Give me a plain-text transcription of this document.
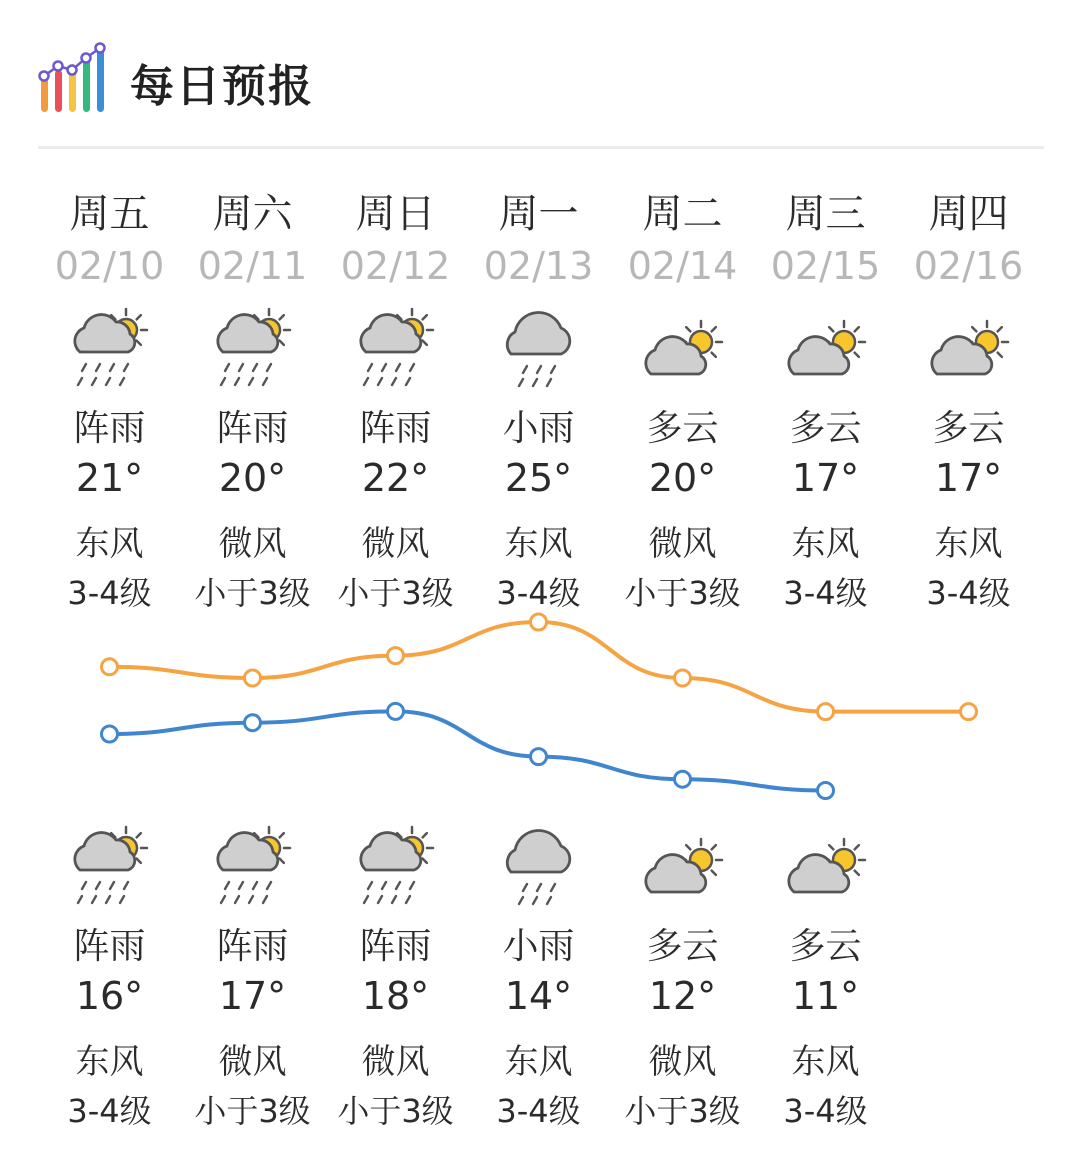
每日预报
周五
02/10
阵雨
21°
东风
3-4级
阵雨
16°
东风
3-4级
周六
02/11
阵雨
20°
微风
小于3级
阵雨
17°
微风
小于3级
周日
02/12
阵雨
22°
微风
小于3级
阵雨
18°
微风
小于3级
周一
02/13
小雨
25°
东风
3-4级
小雨
14°
东风
3-4级
周二
02/14
多云
20°
微风
小于3级
多云
12°
微风
小于3级
周三
02/15
多云
17°
东风
3-4级
多云
11°
东风
3-4级
周四
02/16
多云
17°
东风
3-4级
